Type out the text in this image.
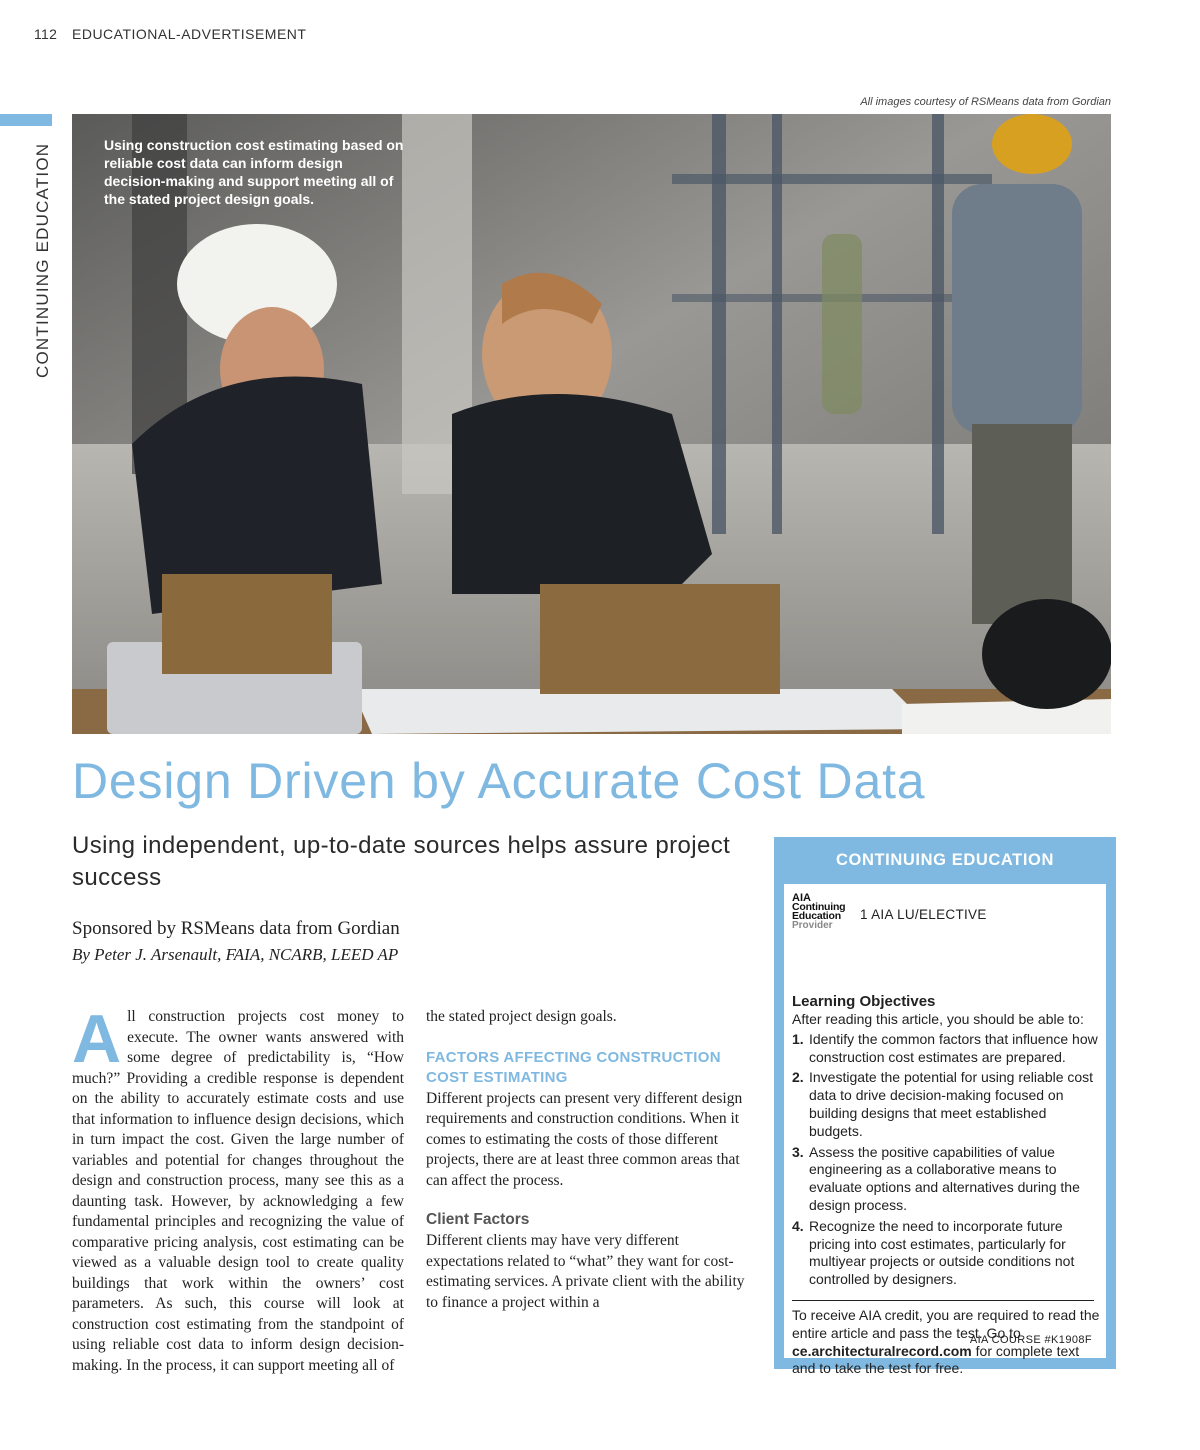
112 EDUCATIONAL-ADVERTISEMENT
All images courtesy of RSMeans data from Gordian
CONTINUING EDUCATION	Using construction cost estimating based on reliable cost data can inform design decision-making and support meeting all of the stated project design goals.
Design Driven by Accurate Cost Data
Using independent, up-to-date sources helps assure project success
Sponsored by RSMeans data from Gordian
By Peter J. Arsenault, FAIA, NCARB, LEED AP
A ll construction projects cost money to execute. The owner wants answered with some degree of predictability is, “How much?” Providing a credible response is dependent on the ability to accurately estimate costs and use that information to influence design decisions, which in turn impact the cost. Given the large number of variables and potential for changes throughout the design and construction process, many see this as a daunting task. However, by acknowledging a few fundamental principles and recognizing the value of comparative pricing analysis, cost estimating can be viewed as a valuable design tool to create quality buildings that work within the owners’ cost parameters. As such, this course will look at construction cost estimating from the standpoint of using reliable cost data to inform design decision-making. In the process, it can support meeting all of

the stated project design goals.

FACTORS AFFECTING CONSTRUCTION COST ESTIMATING

Different projects can present very different design requirements and construction conditions. When it comes to estimating the costs of those different projects, there are at least three common areas that can affect the process.

Client Factors

Different clients may have very different expectations related to “what” they want for cost-estimating services. A private client with the ability to finance a project within a

CONTINUING EDUCATION
AIA
Continuing
Education
Provider
1 AIA LU/ELECTIVE
Learning Objectives
After reading this article, you should be able to:
1. Identify the common factors that influence how construction cost estimates are prepared.
2. Investigate the potential for using reliable cost data to drive decision-making focused on building designs that meet established budgets.
3. Assess the positive capabilities of value engineering as a collaborative means to evaluate options and alternatives during the design process.
4. Recognize the need to incorporate future pricing into cost estimates, particularly for multiyear projects or outside conditions not controlled by designers.
To receive AIA credit, you are required to read the entire article and pass the test. Go to ce.architecturalrecord.com for complete text and to take the test for free.
AIA COURSE #K1908F
